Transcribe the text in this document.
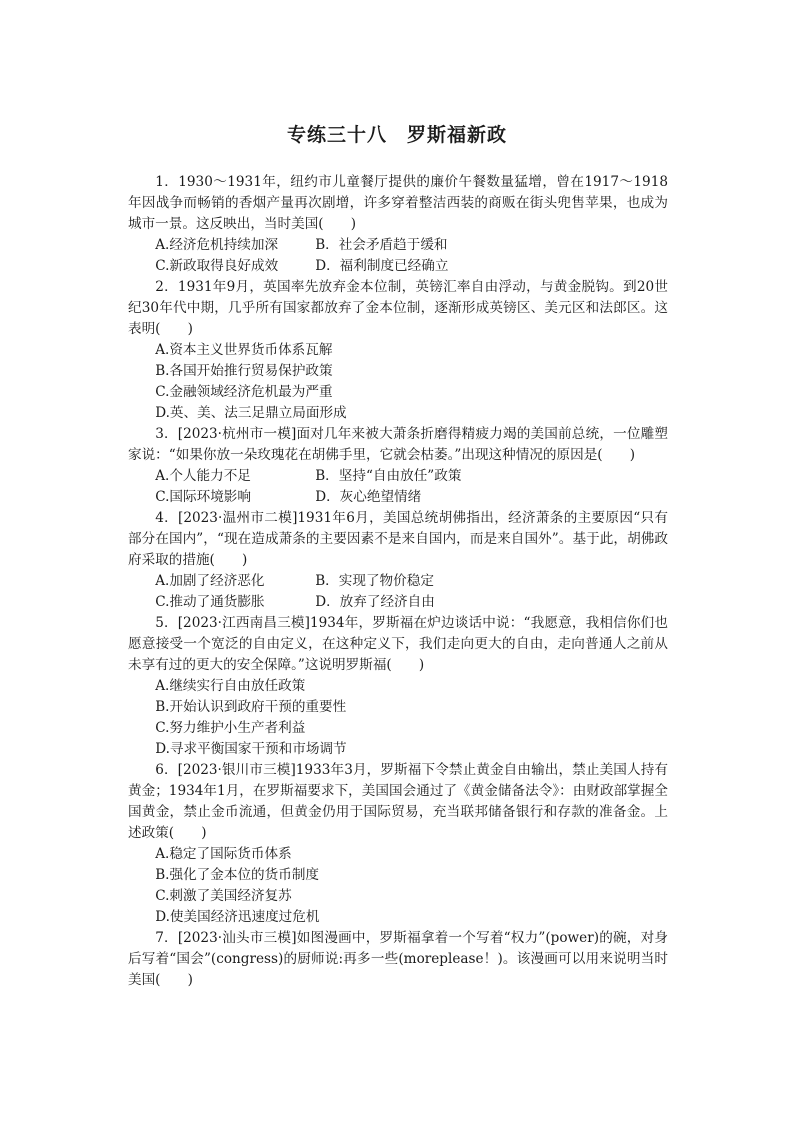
专练三十八　罗斯福新政

1．1930～1931年，纽约市儿童餐厅提供的廉价午餐数量猛增，曾在1917～1918年因战争而畅销的香烟产量再次剧增，许多穿着整洁西装的商贩在街头兜售苹果，也成为城市一景。这反映出，当时美国(　　)

A.经济危机持续加深	B．社会矛盾趋于缓和

C.新政取得良好成效	D．福利制度已经确立

2．1931年9月，英国率先放弃金本位制，英镑汇率自由浮动，与黄金脱钩。到20世纪30年代中期，几乎所有国家都放弃了金本位制，逐渐形成英镑区、美元区和法郎区。这表明(　　)

A.资本主义世界货币体系瓦解

B.各国开始推行贸易保护政策

C.金融领域经济危机最为严重

D.英、美、法三足鼎立局面形成

3．[2023·杭州市一模]面对几年来被大萧条折磨得精疲力竭的美国前总统，一位雕塑家说：“如果你放一朵玫瑰花在胡佛手里，它就会枯萎。”出现这种情况的原因是(　　)

A.个人能力不足	B．坚持“自由放任”政策

C.国际环境影响	D．灰心绝望情绪

4．[2023·温州市二模]1931年6月，美国总统胡佛指出，经济萧条的主要原因“只有部分在国内”，“现在造成萧条的主要因素不是来自国内，而是来自国外”。基于此，胡佛政府采取的措施(　　)

A.加剧了经济恶化	B．实现了物价稳定

C.推动了通货膨胀	D．放弃了经济自由

5．[2023·江西南昌三模]1934年，罗斯福在炉边谈话中说：“我愿意，我相信你们也愿意接受一个宽泛的自由定义，在这种定义下，我们走向更大的自由，走向普通人之前从未享有过的更大的安全保障。”这说明罗斯福(　　)

A.继续实行自由放任政策

B.开始认识到政府干预的重要性

C.努力维护小生产者利益

D.寻求平衡国家干预和市场调节

6．[2023·银川市三模]1933年3月，罗斯福下令禁止黄金自由输出，禁止美国人持有黄金；1934年1月，在罗斯福要求下，美国国会通过了《黄金储备法令》：由财政部掌握全国黄金，禁止金币流通，但黄金仍用于国际贸易，充当联邦储备银行和存款的准备金。上述政策(　　)

A.稳定了国际货币体系

B.强化了金本位的货币制度

C.刺激了美国经济复苏

D.使美国经济迅速度过危机

7．[2023·汕头市三模]如图漫画中，罗斯福拿着一个写着“权力”(power)的碗，对身后写着“国会”(congress)的厨师说:再多一些(moreplease！)。该漫画可以用来说明当时美国(　　)
